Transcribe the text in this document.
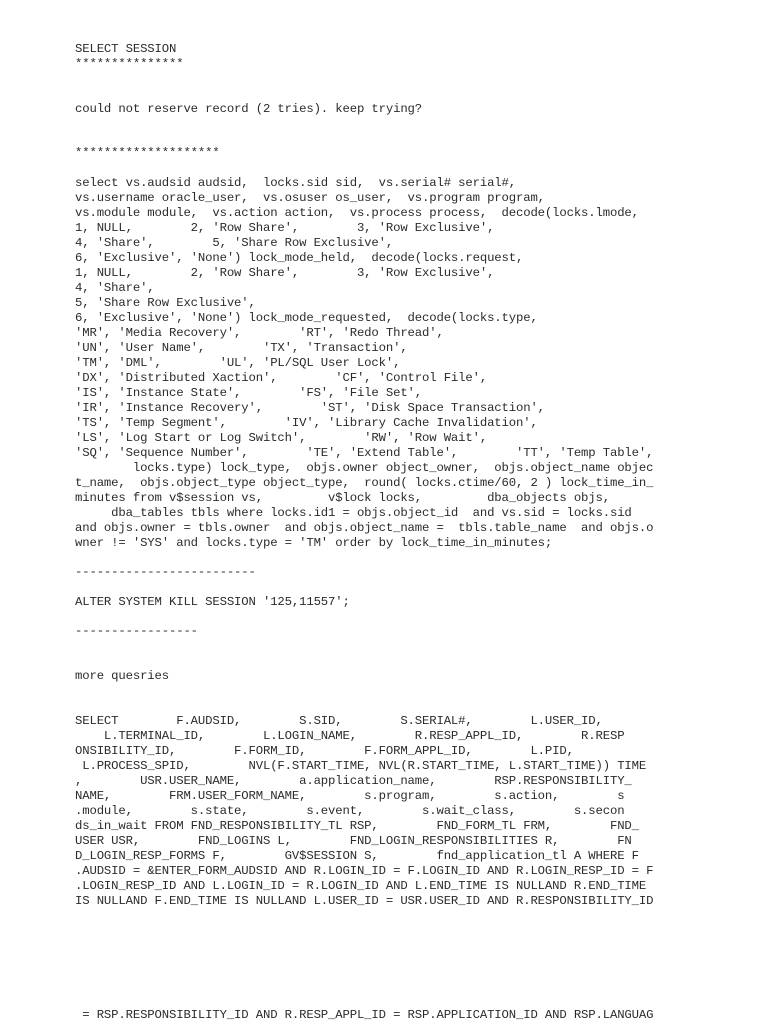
SELECT SESSION
***************
could not reserve record (2 tries). keep trying?
********************
select vs.audsid audsid,  locks.sid sid,  vs.serial# serial#,
vs.username oracle_user,  vs.osuser os_user,  vs.program program,
vs.module module,  vs.action action,  vs.process process,  decode(locks.lmode,
1, NULL,        2, 'Row Share',        3, 'Row Exclusive',
4, 'Share',        5, 'Share Row Exclusive',
6, 'Exclusive', 'None') lock_mode_held,  decode(locks.request,
1, NULL,        2, 'Row Share',        3, 'Row Exclusive',
4, 'Share',
5, 'Share Row Exclusive',
6, 'Exclusive', 'None') lock_mode_requested,  decode(locks.type,
'MR', 'Media Recovery',        'RT', 'Redo Thread',
'UN', 'User Name',        'TX', 'Transaction',
'TM', 'DML',        'UL', 'PL/SQL User Lock',
'DX', 'Distributed Xaction',        'CF', 'Control File',
'IS', 'Instance State',        'FS', 'File Set',
'IR', 'Instance Recovery',        'ST', 'Disk Space Transaction',
'TS', 'Temp Segment',        'IV', 'Library Cache Invalidation',
'LS', 'Log Start or Log Switch',        'RW', 'Row Wait',
'SQ', 'Sequence Number',        'TE', 'Extend Table',        'TT', 'Temp Table',
locks.type) lock_type,  objs.owner object_owner,  objs.object_name objec
t_name,  objs.object_type object_type,  round( locks.ctime/60, 2 ) lock_time_in_
minutes from v$session vs,         v$lock locks,         dba_objects objs,
dba_tables tbls where locks.id1 = objs.object_id  and vs.sid = locks.sid
and objs.owner = tbls.owner  and objs.object_name =  tbls.table_name  and objs.o
wner != 'SYS' and locks.type = 'TM' order by lock_time_in_minutes;
-------------------------
ALTER SYSTEM KILL SESSION '125,11557';
-----------------
more quesries
SELECT        F.AUDSID,        S.SID,        S.SERIAL#,        L.USER_ID,
L.TERMINAL_ID,        L.LOGIN_NAME,        R.RESP_APPL_ID,        R.RESP
ONSIBILITY_ID,        F.FORM_ID,        F.FORM_APPL_ID,        L.PID,
L.PROCESS_SPID,        NVL(F.START_TIME, NVL(R.START_TIME, L.START_TIME)) TIME
,        USR.USER_NAME,        a.application_name,        RSP.RESPONSIBILITY_
NAME,        FRM.USER_FORM_NAME,        s.program,        s.action,        s
.module,        s.state,        s.event,        s.wait_class,        s.secon
ds_in_wait FROM FND_RESPONSIBILITY_TL RSP,        FND_FORM_TL FRM,        FND_
USER USR,        FND_LOGINS L,        FND_LOGIN_RESPONSIBILITIES R,        FN
D_LOGIN_RESP_FORMS F,        GV$SESSION S,        fnd_application_tl A WHERE F
.AUDSID = &ENTER_FORM_AUDSID AND R.LOGIN_ID = F.LOGIN_ID AND R.LOGIN_RESP_ID = F
.LOGIN_RESP_ID AND L.LOGIN_ID = R.LOGIN_ID AND L.END_TIME IS NULLAND R.END_TIME
IS NULLAND F.END_TIME IS NULLAND L.USER_ID = USR.USER_ID AND R.RESPONSIBILITY_ID
= RSP.RESPONSIBILITY_ID AND R.RESP_APPL_ID = RSP.APPLICATION_ID AND RSP.LANGUAG
